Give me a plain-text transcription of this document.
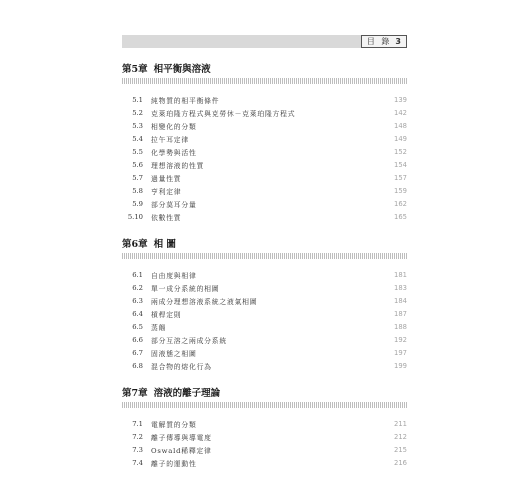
目 錄 3
第5章 相平衡與溶液
5.1 純物質的相平衡條件	139
5.2 克萊珀隆方程式與克勞休－克萊珀隆方程式	142
5.3 相變化的分類	148
5.4 拉午耳定律	149
5.5 化學勢與活性	152
5.6 理想溶液的性質	154
5.7 過量性質	157
5.8 亨利定律	159
5.9 部分莫耳分量	162
5.10 依數性質	165
第6章 相 圖
6.1 自由度與相律	181
6.2 單一成分系統的相圖	183
6.3 兩成分理想溶液系統之液氣相圖	184
6.4 槓桿定則	187
6.5 蒸餾	188
6.6 部分互溶之兩成分系統	192
6.7 固液態之相圖	197
6.8 混合物的熔化行為	199
第7章 溶液的離子理論
7.1 電解質的分類	211
7.2 離子傳導與導電度	212
7.3 Oswald稀釋定律	215
7.4 離子的運動性	216
